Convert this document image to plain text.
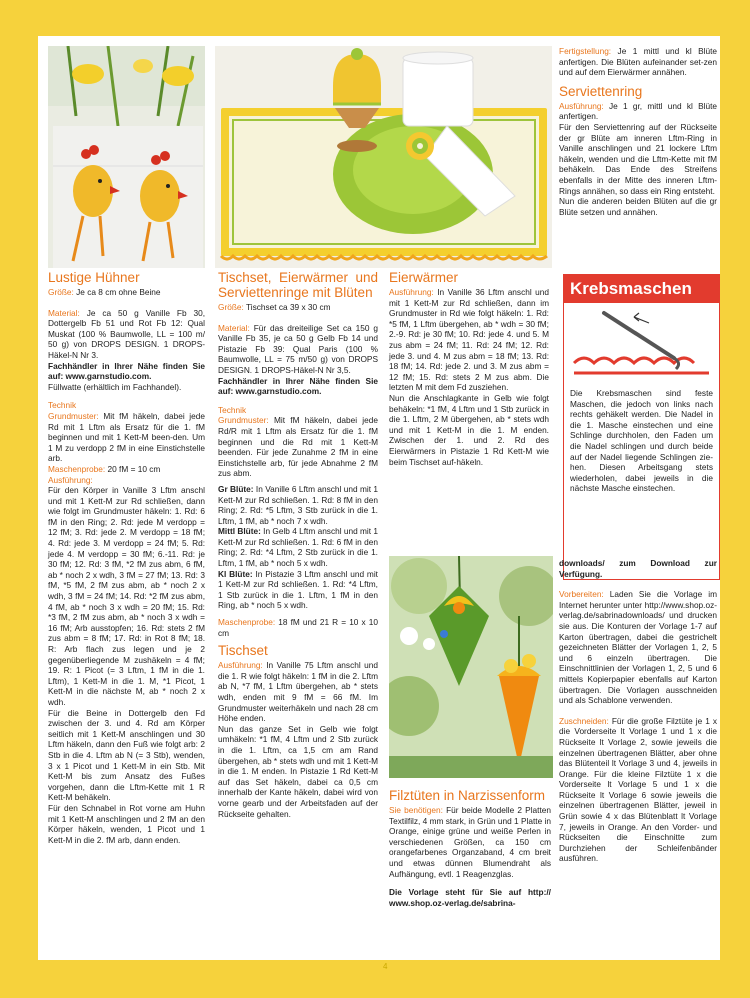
Lustige Hühner

Größe: Je ca 8 cm ohne Beine

Material: Je ca 50 g Vanille Fb 30, Dottergelb Fb 51 und Rot Fb 12: Qual Muskat (100 % Baumwolle, LL = 100 m/ 50 g) von DROPS DESIGN. 1 DROPS-Häkel-N Nr 3.
Fachhändler in Ihrer Nähe finden Sie auf: www.garnstudio.com.
Füllwatte (erhältlich im Fachhandel).

Technik
Grundmuster: Mit fM häkeln, dabei jede Rd mit 1 Lftm als Ersatz für die 1. fM beginnen und mit 1 Kett-M been-den. Um 1 M zu verdopp 2 fM in eine Einstichstelle arb.
Maschenprobe: 20 fM = 10 cm
Ausführung:
Für den Körper in Vanille 3 Lftm anschl und mit 1 Kett-M zur Rd schließen, dann wie folgt im Grundmuster häkeln: 1. Rd: 6 fM in den Ring; 2. Rd: jede M verdopp = 12 fM; 3. Rd: jede 2. M verdopp = 18 fM; 4. Rd: jede 3. M verdopp = 24 fM; 5. Rd: jede 4. M verdopp = 30 fM; 6.-11. Rd: je 30 fM; 12. Rd: 3 fM, *2 fM zus abm, 6 fM, ab * noch 2 x wdh, 3 fM = 27 fM; 13. Rd: 3 fM, *5 fM, 2 fM zus abm, ab * noch 2 x wdh, 3 fM = 24 fM; 14. Rd: *2 fM zus abm, 4 fM, ab * noch 3 x wdh = 20 fM; 15. Rd: *3 fM, 2 fM zus abm, ab * noch 3 x wdh = 16 fM; Arb ausstopfen; 16. Rd: stets 2 fM zus abm = 8 fM; 17. Rd: in Rot 8 fM; 18. R: Arb flach zus legen und je 2 gegenüberliegende M zushäkeln = 4 fM; 19. R: 1 Picot (= 3 Lftm, 1 fM in die 1. Lftm), 1 Kett-M in die 1. M, *1 Picot, 1 Kett-M in die nächste M, ab * noch 2 x wdh.

Für die Beine in Dottergelb den Fd zwischen der 3. und 4. Rd am Körper seitlich mit 1 Kett-M anschlingen und 30 Lftm häkeln, dann den Fuß wie folgt arb: 2 Stb in die 4. Lftm ab N (= 3 Stb), wenden, 3 x 1 Picot und 1 Kett-M in ein Stb. Mit Kett-M bis zum Ansatz des Fußes vorgehen, dann die Lftm-Kette mit 1 R Kett-M behäkeln.

Für den Schnabel in Rot vorne am Huhn mit 1 Kett-M anschlingen und 2 fM an den Körper häkeln, wenden, 1 Picot und 1 Kett-M in die 2. fM arb, dann enden.

Tischset, Eierwärmer und Serviettenringe mit Blüten

Größe: Tischset ca 39 x 30 cm

Material: Für das dreiteilige Set ca 150 g Vanille Fb 35, je ca 50 g Gelb Fb 14 und Pistazie Fb 39: Qual Paris (100 % Baumwolle, LL = 75 m/50 g) von DROPS DESIGN. 1 DROPS-Häkel-N Nr 3,5.
Fachhändler in Ihrer Nähe finden Sie auf: www.garnstudio.com.

Technik
Grundmuster: Mit fM häkeln, dabei jede Rd/R mit 1 Lftm als Ersatz für die 1. fM beginnen und die Rd mit 1 Kett-M beenden. Für jede Zunahme 2 fM in eine Einstichstelle arb, für jede Abnahme 2 fM zus abm.

Gr Blüte: In Vanille 6 Lftm anschl und mit 1 Kett-M zur Rd schließen. 1. Rd: 8 fM in den Ring; 2. Rd: *5 Lftm, 3 Stb zurück in die 1. Lftm, 1 fM, ab * noch 7 x wdh.

Mittl Blüte: In Gelb 4 Lftm anschl und mit 1 Kett-M zur Rd schließen. 1. Rd: 6 fM in den Ring; 2. Rd: *4 Lftm, 2 Stb zurück in die 1. Lftm, 1 fM, ab * noch 5 x wdh.

Kl Blüte: In Pistazie 3 Lftm anschl und mit 1 Kett-M zur Rd schließen. 1. Rd: *4 Lftm, 1 Stb zurück in die 1. Lftm, 1 fM in den Ring, ab * noch 5 x wdh.

Maschenprobe: 18 fM und 21 R = 10 x 10 cm

Tischset

Ausführung: In Vanille 75 Lftm anschl und die 1. R wie folgt häkeln: 1 fM in die 2. Lftm ab N, *7 fM, 1 Lftm übergehen, ab * stets wdh, enden mit 9 fM = 66 fM. Im Grundmuster weiterhäkeln und nach 28 cm Höhe enden.

Nun das ganze Set in Gelb wie folgt umhäkeln: *1 fM, 4 Lftm und 2 Stb zurück in die 1. Lftm, ca 1,5 cm am Rand übergehen, ab * stets wdh und mit 1 Kett-M in die 1. M enden. In Pistazie 1 Rd Kett-M auf das Set häkeln, dabei ca 0,5 cm innerhalb der Kante häkeln, dabei wird von vorne gearb und der Arbeitsfaden auf der Rückseite gehalten.

Eierwärmer

Ausführung: In Vanille 36 Lftm anschl und mit 1 Kett-M zur Rd schließen, dann im Grundmuster in Rd wie folgt häkeln: 1. Rd: *5 fM, 1 Lftm übergehen, ab * wdh = 30 fM; 2.-9. Rd: je 30 fM; 10. Rd: jede 4. und 5. M zus abm = 24 fM; 11. Rd: 24 fM; 12. Rd: jede 3. und 4. M zus abm = 18 fM; 13. Rd: 18 fM; 14. Rd: jede 2. und 3. M zus abm = 12 fM; 15. Rd: stets 2 M zus abm. Die letzten M mit dem Fd zusziehen.

Nun die Anschlagkante in Gelb wie folgt behäkeln: *1 fM, 4 Lftm und 1 Stb zurück in die 1. Lftm, 2 M übergehen, ab * stets wdh und mit 1 Kett-M in die 1. M enden. Zwischen der 1. und 2. Rd des Eierwärmers in Pistazie 1 Rd Kett-M wie beim Tischset auf-häkeln.

Fertigstellung: Je 1 mittl und kl Blüte anfertigen. Die Blüten aufeinander set-zen und auf dem Eierwärmer annähen.

Serviettenring

Ausführung: Je 1 gr, mittl und kl Blüte anfertigen.

Für den Serviettenring auf der Rückseite der gr Blüte am inneren Lftm-Ring in Vanille anschlingen und 21 lockere Lftm häkeln, wenden und die Lftm-Kette mit fM behäkeln. Das Ende des Streifens ebenfalls in der Mitte des inneren Lftm-Rings annähen, so dass ein Ring entsteht.

Nun die anderen beiden Blüten auf die gr Blüte setzen und annähen.

Krebsmaschen
Die Krebsmaschen sind feste Maschen, die jedoch von links nach rechts gehäkelt werden. Die Nadel in die 1. Masche einstechen und eine Schlinge durchholen, den Faden um die Nadel schlingen und durch beide auf der Nadel liegende Schlingen zie-hen. Diesen Arbeitsgang stets wiederholen, dabei jeweils in die nächste Masche einstechen.
Filztüten in Narzissenform

Sie benötigen: Für beide Modelle 2 Platten Textilfilz, 4 mm stark, in Grün und 1 Platte in Orange, einige grüne und weiße Perlen in verschiedenen Größen, ca 150 cm orangefarbenes Organzaband, 4 cm breit und etwas dünnen Blumendraht als Aufhängung, evtl. 1 Reagenzglas.

Die Vorlage steht für Sie auf http:// www.shop.oz-verlag.de/sabrina-

downloads/ zum Download zur Verfügung.

Vorbereiten: Laden Sie die Vorlage im Internet herunter unter http://www.shop.oz-verlag.de/sabrinadownloads/ und drucken sie aus. Die Konturen der Vorlage 1-7 auf Karton übertragen, dabei die gestrichelt gezeichneten Blätter der Vorlagen 1, 2, 5 und 6 einzeln übertragen. Die Einschnittlinien der Vorlagen 1, 2, 5 und 6 mittels Kopierpapier ebenfalls auf Karton übertragen. Die Vorlagen ausschneiden und als Schablone verwenden.

Zuschneiden: Für die große Filztüte je 1 x die Vorderseite lt Vorlage 1 und 1 x die Rückseite lt Vorlage 2, sowie jeweils die einzelnen übertragenen Blätter, aber ohne das Blütenteil lt Vorlage 3 und 4, jeweils in Orange. Für die kleine Filztüte 1 x die Vorderseite lt Vorlage 5 und 1 x die Rückseite lt Vorlage 6 sowie jeweils die einzelnen übertragenen Blätter, jeweil in Grün sowie 4 x das Blütenblatt lt Vorlage 7, jeweils in Orange. An den Vorder- und Rückseiten die Einschnitte zum Durchziehen der Schleifenbänder ausführen.

4
